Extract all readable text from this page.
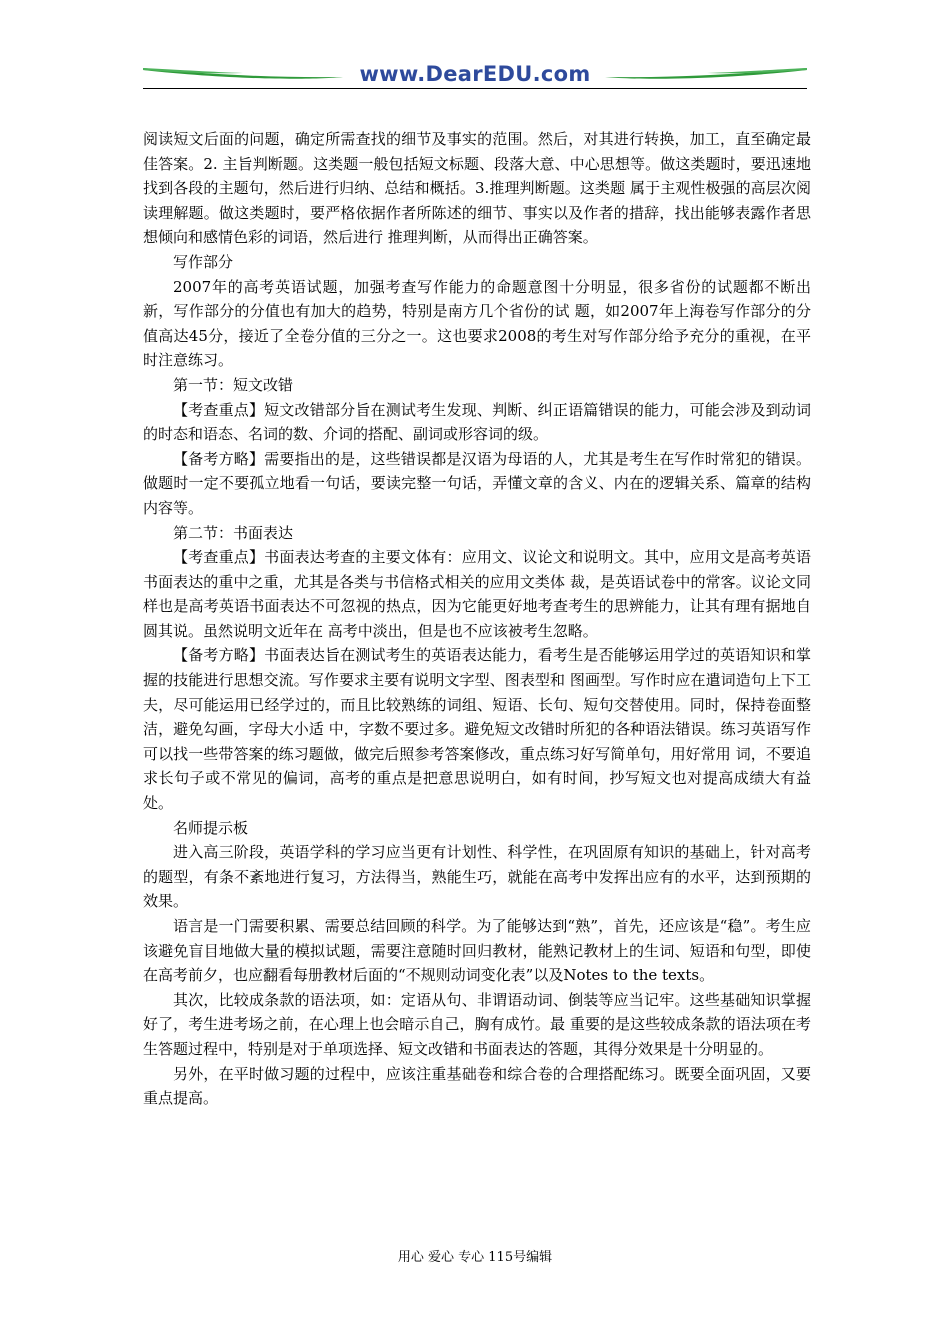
www.DearEDU.com

阅读短文后面的问题，确定所需查找的细节及事实的范围。然后，对其进行转换，加工，直至确定最佳答案。2. 主旨判断题。这类题一般包括短文标题、段落大意、中心思想等。做这类题时，要迅速地找到各段的主题句，然后进行归纳、总结和概括。3.推理判断题。这类题 属于主观性极强的高层次阅读理解题。做这类题时，要严格依据作者所陈述的细节、事实以及作者的措辞，找出能够表露作者思想倾向和感情色彩的词语，然后进行 推理判断，从而得出正确答案。

写作部分

2007年的高考英语试题，加强考查写作能力的命题意图十分明显，很多省份的试题都不断出新，写作部分的分值也有加大的趋势，特别是南方几个省份的试 题，如2007年上海卷写作部分的分值高达45分，接近了全卷分值的三分之一。这也要求2008的考生对写作部分给予充分的重视，在平时注意练习。

第一节：短文改错

【考查重点】短文改错部分旨在测试考生发现、判断、纠正语篇错误的能力，可能会涉及到动词的时态和语态、名词的数、介词的搭配、副词或形容词的级。

【备考方略】需要指出的是，这些错误都是汉语为母语的人，尤其是考生在写作时常犯的错误。做题时一定不要孤立地看一句话，要读完整一句话，弄懂文章的含义、内在的逻辑关系、篇章的结构内容等。

第二节：书面表达

【考查重点】书面表达考查的主要文体有：应用文、议论文和说明文。其中，应用文是高考英语书面表达的重中之重，尤其是各类与书信格式相关的应用文类体 裁，是英语试卷中的常客。议论文同样也是高考英语书面表达不可忽视的热点，因为它能更好地考查考生的思辨能力，让其有理有据地自圆其说。虽然说明文近年在 高考中淡出，但是也不应该被考生忽略。

【备考方略】书面表达旨在测试考生的英语表达能力，看考生是否能够运用学过的英语知识和掌握的技能进行思想交流。写作要求主要有说明文字型、图表型和 图画型。写作时应在遣词造句上下工夫，尽可能运用已经学过的，而且比较熟练的词组、短语、长句、短句交替使用。同时，保持卷面整洁，避免勾画，字母大小适 中，字数不要过多。避免短文改错时所犯的各种语法错误。练习英语写作可以找一些带答案的练习题做，做完后照参考答案修改，重点练习好写简单句，用好常用 词，不要追求长句子或不常见的偏词，高考的重点是把意思说明白，如有时间，抄写短文也对提高成绩大有益处。

名师提示板

进入高三阶段，英语学科的学习应当更有计划性、科学性，在巩固原有知识的基础上，针对高考的题型，有条不紊地进行复习，方法得当，熟能生巧，就能在高考中发挥出应有的水平，达到预期的效果。

语言是一门需要积累、需要总结回顾的科学。为了能够达到“熟”，首先，还应该是“稳”。考生应该避免盲目地做大量的模拟试题，需要注意随时回归教材，能熟记教材上的生词、短语和句型，即使在高考前夕，也应翻看每册教材后面的“不规则动词变化表”以及Notes to the texts。

其次，比较成条款的语法项，如：定语从句、非谓语动词、倒装等应当记牢。这些基础知识掌握好了，考生进考场之前，在心理上也会暗示自己，胸有成竹。最 重要的是这些较成条款的语法项在考生答题过程中，特别是对于单项选择、短文改错和书面表达的答题，其得分效果是十分明显的。

另外，在平时做习题的过程中，应该注重基础卷和综合卷的合理搭配练习。既要全面巩固，又要重点提高。

用心 爱心 专心 115号编辑
